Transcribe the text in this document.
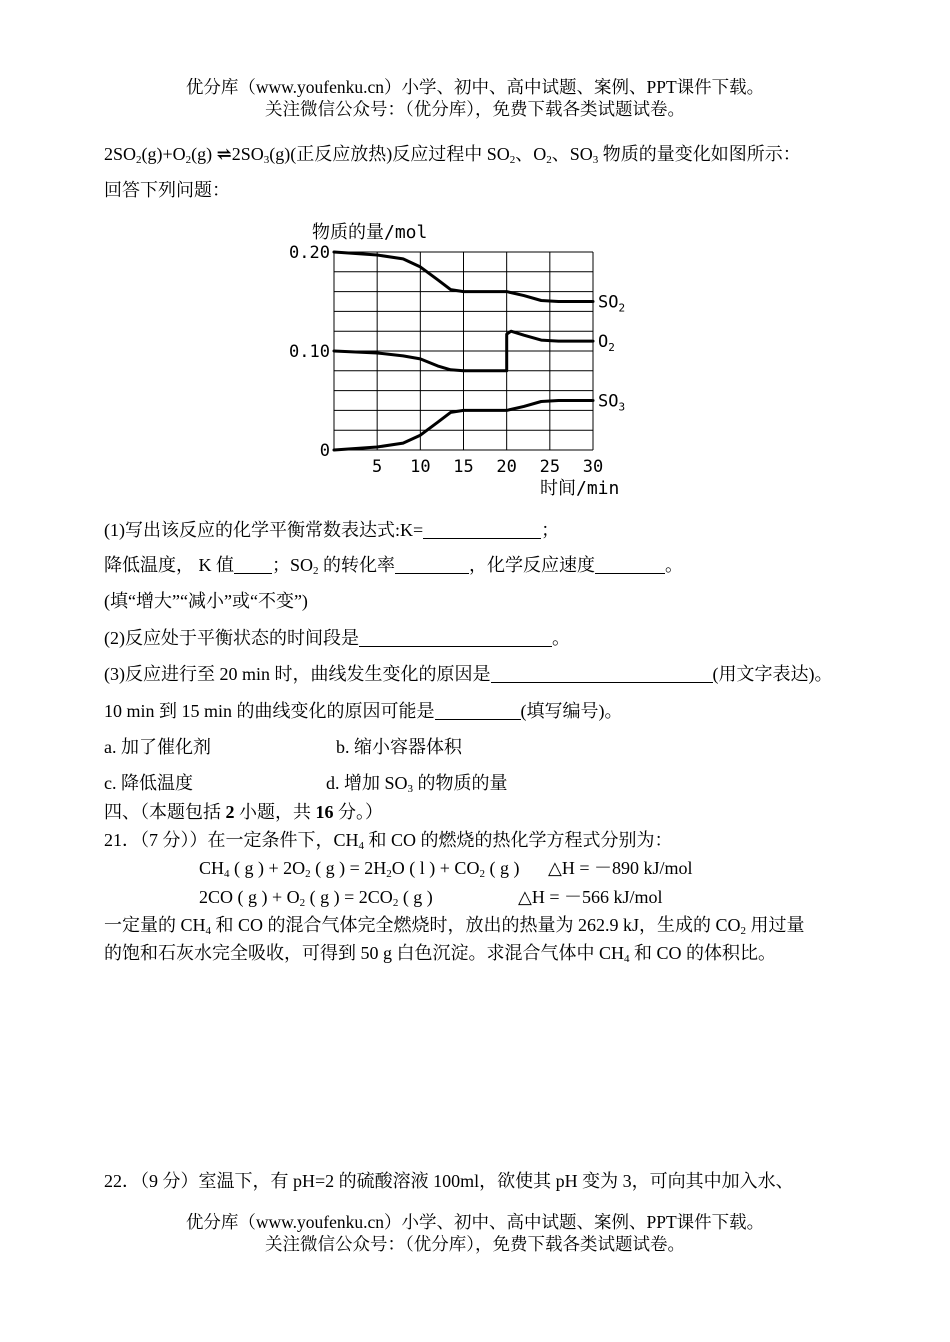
优分库（www.youfenku.cn）小学、初中、高中试题、案例、PPT课件下载。
关注微信公众号：（优分库），免费下载各类试题试卷。
$2SO_2(g)+O_2(g)$ $\rightleftharpoons 2SO_3(g)$(正反应放热)反应过程中 $SO_2$、$O_2$、$SO_3$ 物质的量变化如图所示：
回答下列问题：
5 10 15 20 25 30
0.20
0.10
0
$SO_2$
$O_2$
$SO_3$
物质的量/mol
时间/min
(1)写出该反应的化学平衡常数表达式:K=	；
降低温度， K 值 ；$SO_2$ 的转化率	，化学反应速度	。
(填“增大”“减小”或“不变”)
(2)反应处于平衡状态的时间段是	。
(3)反应进行至 20 min 时，曲线发生变化的原因是	(用文字表达)。
10 min 到 15 min 的曲线变化的原因可能是	(填写编号)。
a. 加了催化剂	b. 缩小容器体积
c. 降低温度	d. 增加 $SO_3$ 的物质的量
四、（本题包括 2 小题，共 16 分。）
21．（7 分））在一定条件下，$CH_4$ 和 CO 的燃烧的热化学方程式分别为：
$CH_4$ ( g ) + $2O_2$ ( g ) = $2H_2O$ ( l ) + $CO_2$ ( g ) △H = －890 kJ/mol
2CO ( g ) + $O_2$ ( g ) = $2CO_2$ ( g )	△H = －566 kJ/mol
一定量的 $CH_4$ 和 CO 的混合气体完全燃烧时，放出的热量为 262.9 kJ，生成的 $CO_2$ 用过量
的饱和石灰水完全吸收，可得到 50 g 白色沉淀。求混合气体中 $CH_4$ 和 CO 的体积比。
22．（9 分）室温下，有 pH=2 的硫酸溶液 100ml，欲使其 pH 变为 3，可向其中加入水、
优分库（www.youfenku.cn）小学、初中、高中试题、案例、PPT课件下载。
关注微信公众号：（优分库），免费下载各类试题试卷。
